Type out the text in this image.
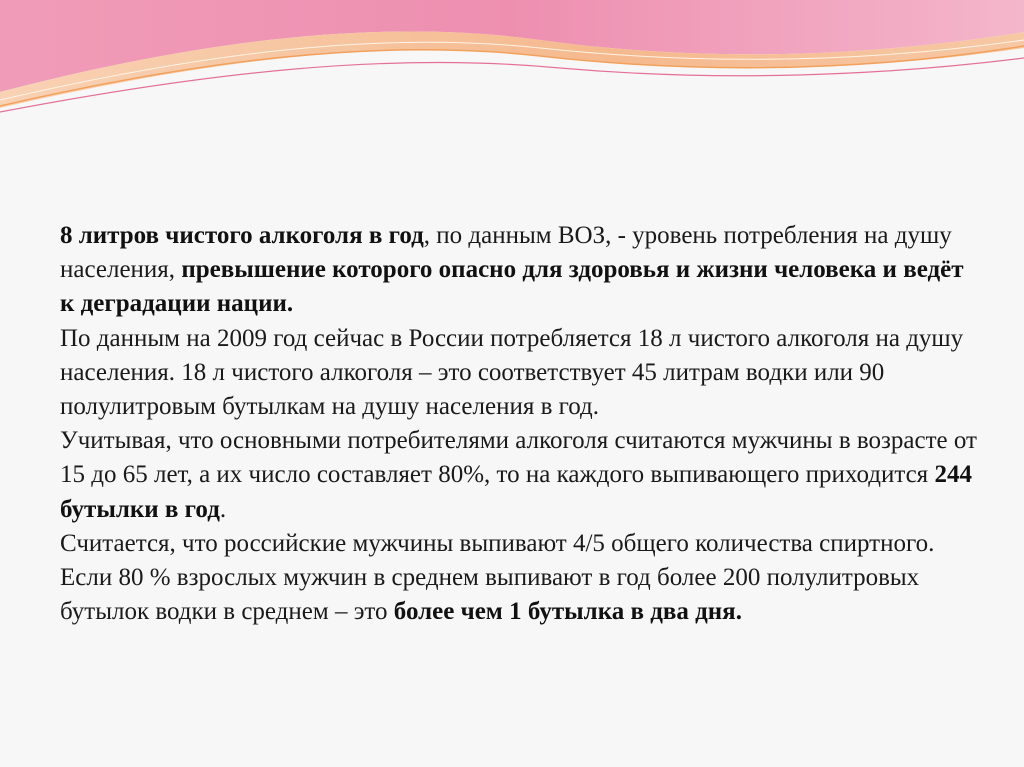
8 литров чистого алкоголя в год, по данным ВОЗ, - уровень потребления на душу населения, превышение которого опасно для здоровья и жизни человека и ведёт к деградации нации.

По данным на 2009 год сейчас в России потребляется 18 л чистого алкоголя на душу населения. 18 л чистого алкоголя – это соответствует 45 литрам водки или 90 полулитровым бутылкам на душу населения в год.

Учитывая, что основными потребителями алкоголя считаются мужчины в возрасте от 15 до 65 лет, а их число составляет 80%, то на каждого выпивающего приходится 244 бутылки в год.

Считается, что российские мужчины выпивают 4/5 общего количества спиртного.

Если 80 % взрослых мужчин в среднем выпивают в год более 200 полулитровых бутылок водки в среднем – это более чем 1 бутылка в два дня.
